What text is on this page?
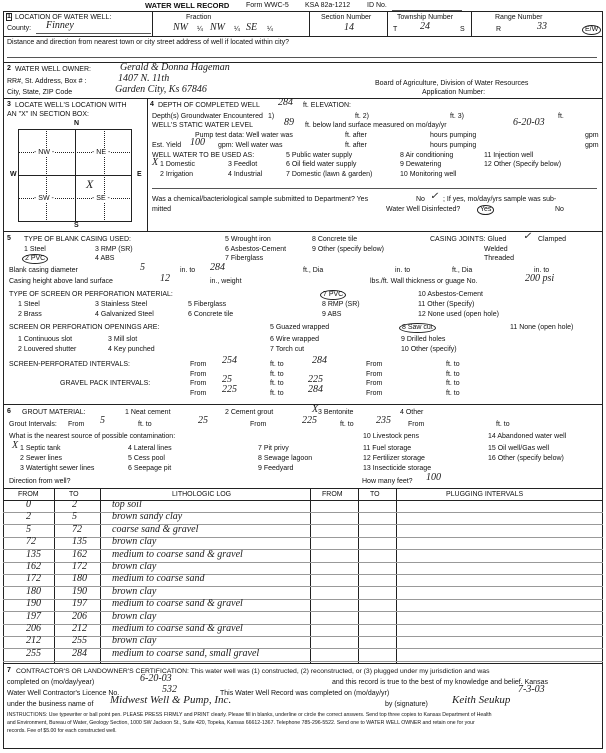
WATER WELL RECORD Form WWC-5 KSA 82a-1212 ID No.
1 LOCATION OF WATER WELL:
County: Finney
Fraction
NW ¼ NW ¼ SE ¼
Section Number
14
Township Number
T 24	S
Range Number
R	33	E/W
Distance and direction from nearest town or city street address of well if located within city?
2 WATER WELL OWNER:	Gerald & Donna Hageman
RR#, St. Address, Box # :	1407 N. 11th
City, State, ZIP Code	Garden City, Ks 67846
Board of Agriculture, Division of Water Resources
Application Number:
3 LOCATE WELL'S LOCATION WITH
AN "X" IN SECTION BOX:
N
S
W	E
- NW -	- NE -
- SW -	- SE -
X
4 DEPTH OF COMPLETED WELL 284 ft. ELEVATION:
Depth(s) Groundwater Encountered 1)	ft. 2)	ft. 3)	ft.
WELL'S STATIC WATER LEVEL	89 ft. below land surface measured on mo/day/yr	6-20-03
Pump test data: Well water was	ft. after	hours pumping	gpm
Est. Yield 100 gpm: Well water was	ft. after	hours pumping	gpm
WELL WATER TO BE USED AS:
1 Domestic
X
2 Irrigation
3 Feedlot
4 Industrial
5 Public water supply
6 Oil field water supply
7 Domestic (lawn & garden)
8 Air conditioning
9 Dewatering
10 Monitoring well
11 Injection well
12 Other (Specify below)
Was a chemical/bacteriological sample submitted to Department? Yes	No ✓ ; If yes, mo/day/yrs sample was sub-
mitted	Water Well Disinfected?	Yes	No
5 TYPE OF BLANK CASING USED:
1 Steel
2 PVC
3 RMP (SR)
4 ABS
5 Wrought iron
6 Asbestos-Cement
7 Fiberglass
8 Concrete tile
9 Other (specify below)
CASING JOINTS: Glued ✓ Clamped
Welded
Threaded
Blank casing diameter	5	in. to 284	ft., Dia	in. to	ft., Dia	in. to
Casing height above land surface	12	in., weight	lbs./ft. Wall thickness or guage No.	200 psi
TYPE OF SCREEN OR PERFORATION MATERIAL:
1 Steel
2 Brass
3 Stainless Steel
4 Galvanized Steel
5 Fiberglass
6 Concrete tile
7 PVC
8 RMP (SR)
9 ABS
10 Asbestos-Cement
11 Other (Specify)
12 None used (open hole)
SCREEN OR PERFORATION OPENINGS ARE:
1 Continuous slot
2 Louvered shutter
3 Mill slot
4 Key punched
5 Guazed wrapped
6 Wire wrapped
7 Torch cut
8 Saw cut
9 Drilled holes
10 Other (specify)
11 None (open hole)
SCREEN-PERFORATED INTERVALS:	From 254	ft. to	284	From	ft. to
From	ft. to	From	ft. to
GRAVEL PACK INTERVALS:	From 25	ft. to 225	From	ft. to
From 225	ft. to 284	From	ft. to
6 GROUT MATERIAL:	1 Neat cement	2 Cement grout	3 Bentonite
X	4 Other
Grout Intervals: From 5	ft. to	25	From	225	ft. to 235 From	ft. to
What is the nearest source of possible contamination:
1 Septic tank
X
2 Sewer lines
3 Watertight sewer lines
4 Lateral lines
5 Cess pool
6 Seepage pit
7 Pit privy
8 Sewage lagoon
9 Feedyard
10 Livestock pens
11 Fuel storage
12 Fertilizer storage
13 Insecticide storage
14 Abandoned water well
15 Oil well/Gas well
16 Other (specify below)
Direction from well?	How many feet? 100
FROM	TO	LITHOLOGIC LOG	FROM	TO	PLUGGING INTERVALS
0	2	top soil
2	5	brown sandy clay
5	72	coarse sand & gravel
72	135	brown clay
135	162	medium to coarse sand & gravel
162	172	brown clay
172	180	medium to coarse sand
180	190	brown clay
190	197	medium to coarse sand & gravel
197	206	brown clay
206	212	medium to coarse sand & gravel
212	255	brown clay
255	284	medium to coarse sand, small gravel
7 CONTRACTOR'S OR LANDOWNER'S CERTIFICATION: This water well was (1) constructed, (2) reconstructed, or (3) plugged under my jurisdiction and was
completed on (mo/day/year)	6-20-03	and this record is true to the best of my knowledge and belief. Kansas
Water Well Contractor's Licence No.	532	This Water Well Record was completed on (mo/day/yr)	7-3-03
under the business name of Midwest Well & Pump, Inc.	by (signature) Keith Seukup
INSTRUCTIONS: Use typewriter or ball point pen. PLEASE PRESS FIRMLY and PRINT clearly. Please fill in blanks, underline or circle the correct answers. Send top three copies to Kansas Department of Health
and Environment, Bureau of Water, Geology Section, 1000 SW Jackson St., Suite 420, Topeka, Kansas 66612-1367. Telephone 785-296-5522. Send one to WATER WELL OWNER and retain one for your
records. Fee of $5.00 for each constructed well.
